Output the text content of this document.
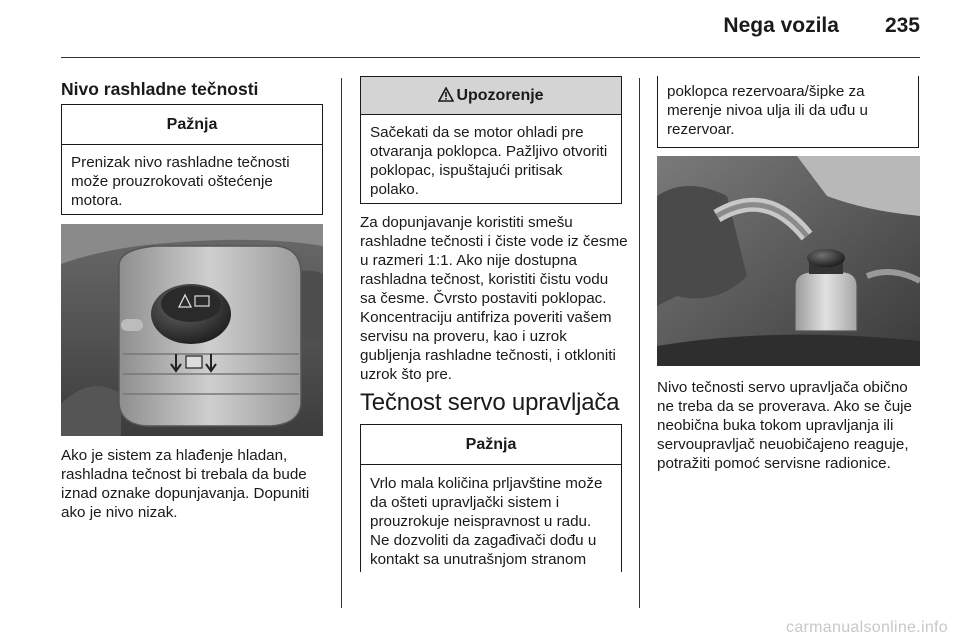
Nega vozila 235
Nivo rashladne tečnosti
Pažnja

Prenizak nivo rashladne tečnosti može prouzrokovati oštećenje motora.

Ako je sistem za hlađenje hladan, rashladna tečnost bi trebala da bude iznad oznake dopunjavanja. Dopuniti ako je nivo nizak.

Upozorenje

Sačekati da se motor ohladi pre otvaranja poklopca. Pažljivo otvoriti poklopac, ispuštajući pritisak polako.

Za dopunjavanje koristiti smešu rashladne tečnosti i čiste vode iz česme u razmeri 1:1. Ako nije dostupna rashladna tečnost, koristiti čistu vodu sa česme. Čvrsto postaviti poklopac. Koncentraciju antifriza poveriti vašem servisu na proveru, kao i uzrok gubljenja rashladne tečnosti, i otkloniti uzrok što pre.

Tečnost servo upravljača
Pažnja

Vrlo mala količina prljavštine može da ošteti upravljački sistem i prouzrokuje neispravnost u radu. Ne dozvoliti da zagađivači dođu u kontakt sa unutrašnjom stranom

poklopca rezervoara/šipke za merenje nivoa ulja ili da uđu u rezervoar.

Nivo tečnosti servo upravljača obično ne treba da se proverava. Ako se čuje neobična buka tokom upravljanja ili servoupravljač neuobičajeno reaguje, potražiti pomoć servisne radionice.

carmanualsonline.info
